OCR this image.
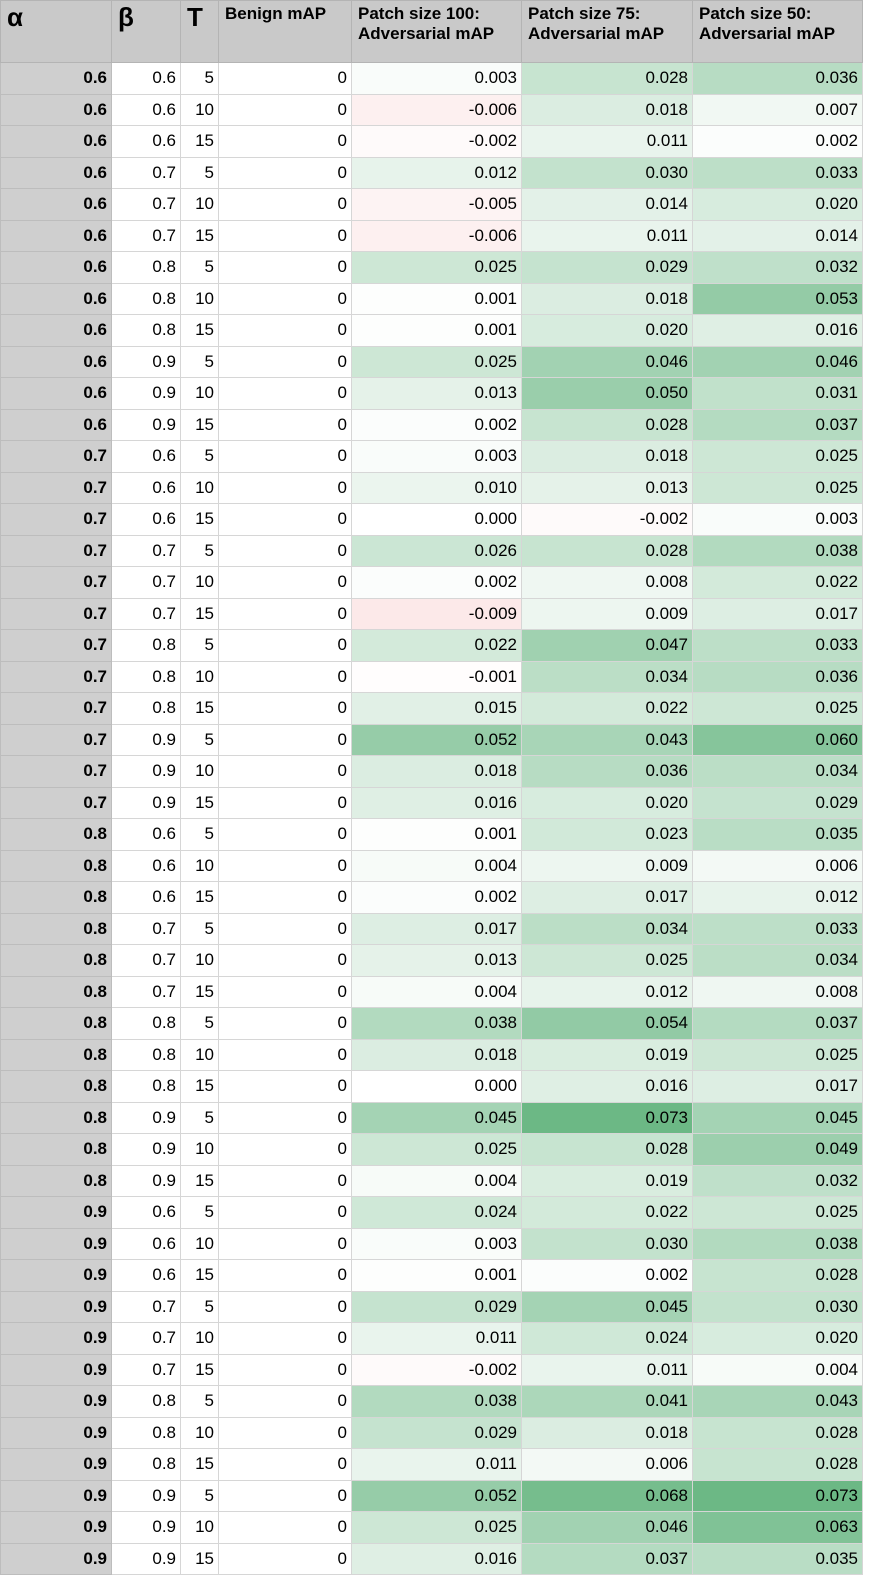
α	β	T	Benign mAP	Patch size 100: Adversarial mAP	Patch size 75: Adversarial mAP	Patch size 50: Adversarial mAP
0.6	0.6	5	0	0.003	0.028	0.036
0.6	0.6	10	0	-0.006	0.018	0.007
0.6	0.6	15	0	-0.002	0.011	0.002
0.6	0.7	5	0	0.012	0.030	0.033
0.6	0.7	10	0	-0.005	0.014	0.020
0.6	0.7	15	0	-0.006	0.011	0.014
0.6	0.8	5	0	0.025	0.029	0.032
0.6	0.8	10	0	0.001	0.018	0.053
0.6	0.8	15	0	0.001	0.020	0.016
0.6	0.9	5	0	0.025	0.046	0.046
0.6	0.9	10	0	0.013	0.050	0.031
0.6	0.9	15	0	0.002	0.028	0.037
0.7	0.6	5	0	0.003	0.018	0.025
0.7	0.6	10	0	0.010	0.013	0.025
0.7	0.6	15	0	0.000	-0.002	0.003
0.7	0.7	5	0	0.026	0.028	0.038
0.7	0.7	10	0	0.002	0.008	0.022
0.7	0.7	15	0	-0.009	0.009	0.017
0.7	0.8	5	0	0.022	0.047	0.033
0.7	0.8	10	0	-0.001	0.034	0.036
0.7	0.8	15	0	0.015	0.022	0.025
0.7	0.9	5	0	0.052	0.043	0.060
0.7	0.9	10	0	0.018	0.036	0.034
0.7	0.9	15	0	0.016	0.020	0.029
0.8	0.6	5	0	0.001	0.023	0.035
0.8	0.6	10	0	0.004	0.009	0.006
0.8	0.6	15	0	0.002	0.017	0.012
0.8	0.7	5	0	0.017	0.034	0.033
0.8	0.7	10	0	0.013	0.025	0.034
0.8	0.7	15	0	0.004	0.012	0.008
0.8	0.8	5	0	0.038	0.054	0.037
0.8	0.8	10	0	0.018	0.019	0.025
0.8	0.8	15	0	0.000	0.016	0.017
0.8	0.9	5	0	0.045	0.073	0.045
0.8	0.9	10	0	0.025	0.028	0.049
0.8	0.9	15	0	0.004	0.019	0.032
0.9	0.6	5	0	0.024	0.022	0.025
0.9	0.6	10	0	0.003	0.030	0.038
0.9	0.6	15	0	0.001	0.002	0.028
0.9	0.7	5	0	0.029	0.045	0.030
0.9	0.7	10	0	0.011	0.024	0.020
0.9	0.7	15	0	-0.002	0.011	0.004
0.9	0.8	5	0	0.038	0.041	0.043
0.9	0.8	10	0	0.029	0.018	0.028
0.9	0.8	15	0	0.011	0.006	0.028
0.9	0.9	5	0	0.052	0.068	0.073
0.9	0.9	10	0	0.025	0.046	0.063
0.9	0.9	15	0	0.016	0.037	0.035
